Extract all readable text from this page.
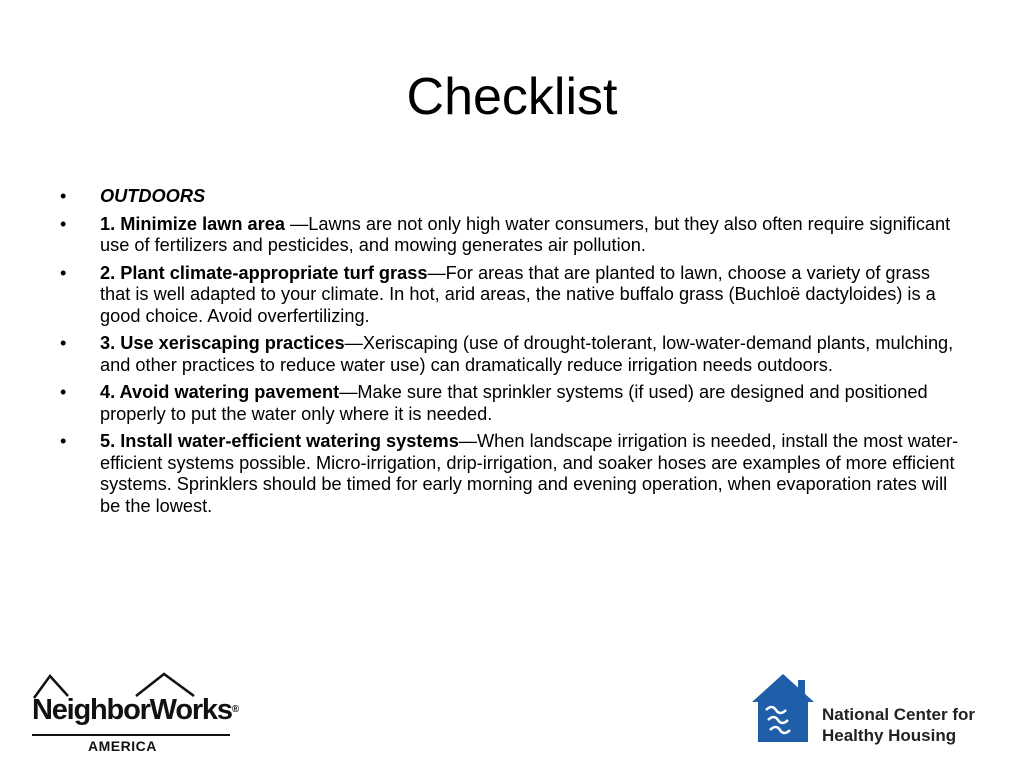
Checklist
•	OUTDOORS
•	1. Minimize lawn area —Lawns are not only high water consumers, but they also often require significant use of fertilizers and pesticides, and mowing generates air pollution.
•	2. Plant climate-appropriate turf grass—For areas that are planted to lawn, choose a variety of grass that is well adapted to your climate. In hot, arid areas, the native buffalo grass (Buchloë dactyloides) is a good choice. Avoid overfertilizing.
•	3. Use xeriscaping practices—Xeriscaping (use of drought-tolerant, low-water-demand plants, mulching, and other practices to reduce water use) can dramatically reduce irrigation needs outdoors.
•	4. Avoid watering pavement—Make sure that sprinkler systems (if used) are designed and positioned properly to put the water only where it is needed.
•	5. Install water-efficient watering systems—When landscape irrigation is needed, install the most water-efficient systems possible. Micro-irrigation, drip-irrigation, and soaker hoses are examples of more efficient systems. Sprinklers should be timed for early morning and evening operation, when evaporation rates will be the lowest.
NeighborWorks®
AMERICA
National Center for
Healthy Housing
